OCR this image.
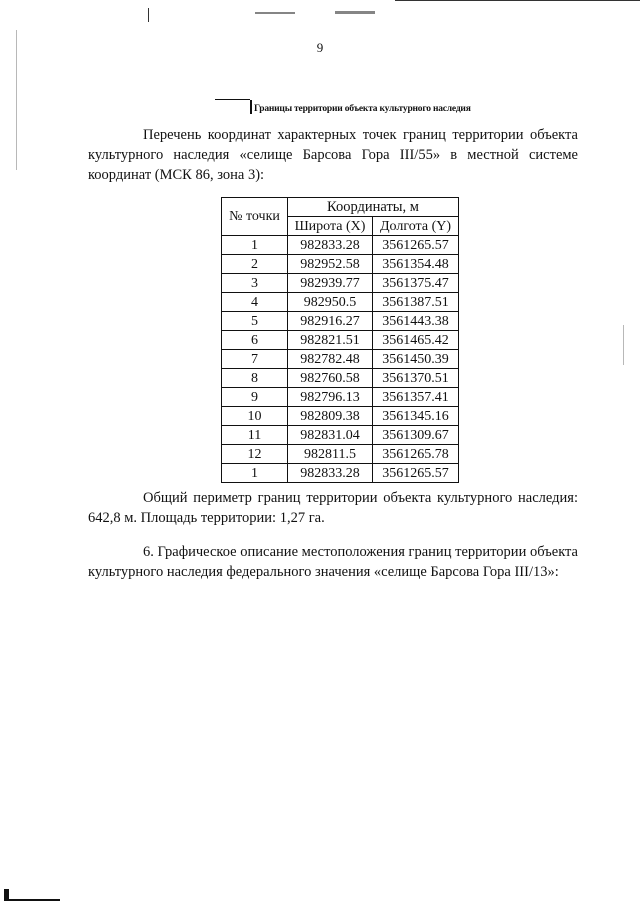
9
Границы территории объекта культурного наследия
Перечень координат характерных точек границ территории объекта культурного наследия «селище Барсова Гора III/55» в местной системе координат (МСК 86, зона 3):
№ точки	Координаты, м	
	Широта (X)	Долгота (Y)
1	982833.28	3561265.57
2	982952.58	3561354.48
3	982939.77	3561375.47
4	982950.5	3561387.51
5	982916.27	3561443.38
6	982821.51	3561465.42
7	982782.48	3561450.39
8	982760.58	3561370.51
9	982796.13	3561357.41
10	982809.38	3561345.16
11	982831.04	3561309.67
12	982811.5	3561265.78
1	982833.28	3561265.57
Общий периметр границ территории объекта культурного наследия: 642,8 м. Площадь территории: 1,27 га.
6. Графическое описание местоположения границ территории объекта культурного наследия федерального значения «селище Барсова Гора III/13»:
